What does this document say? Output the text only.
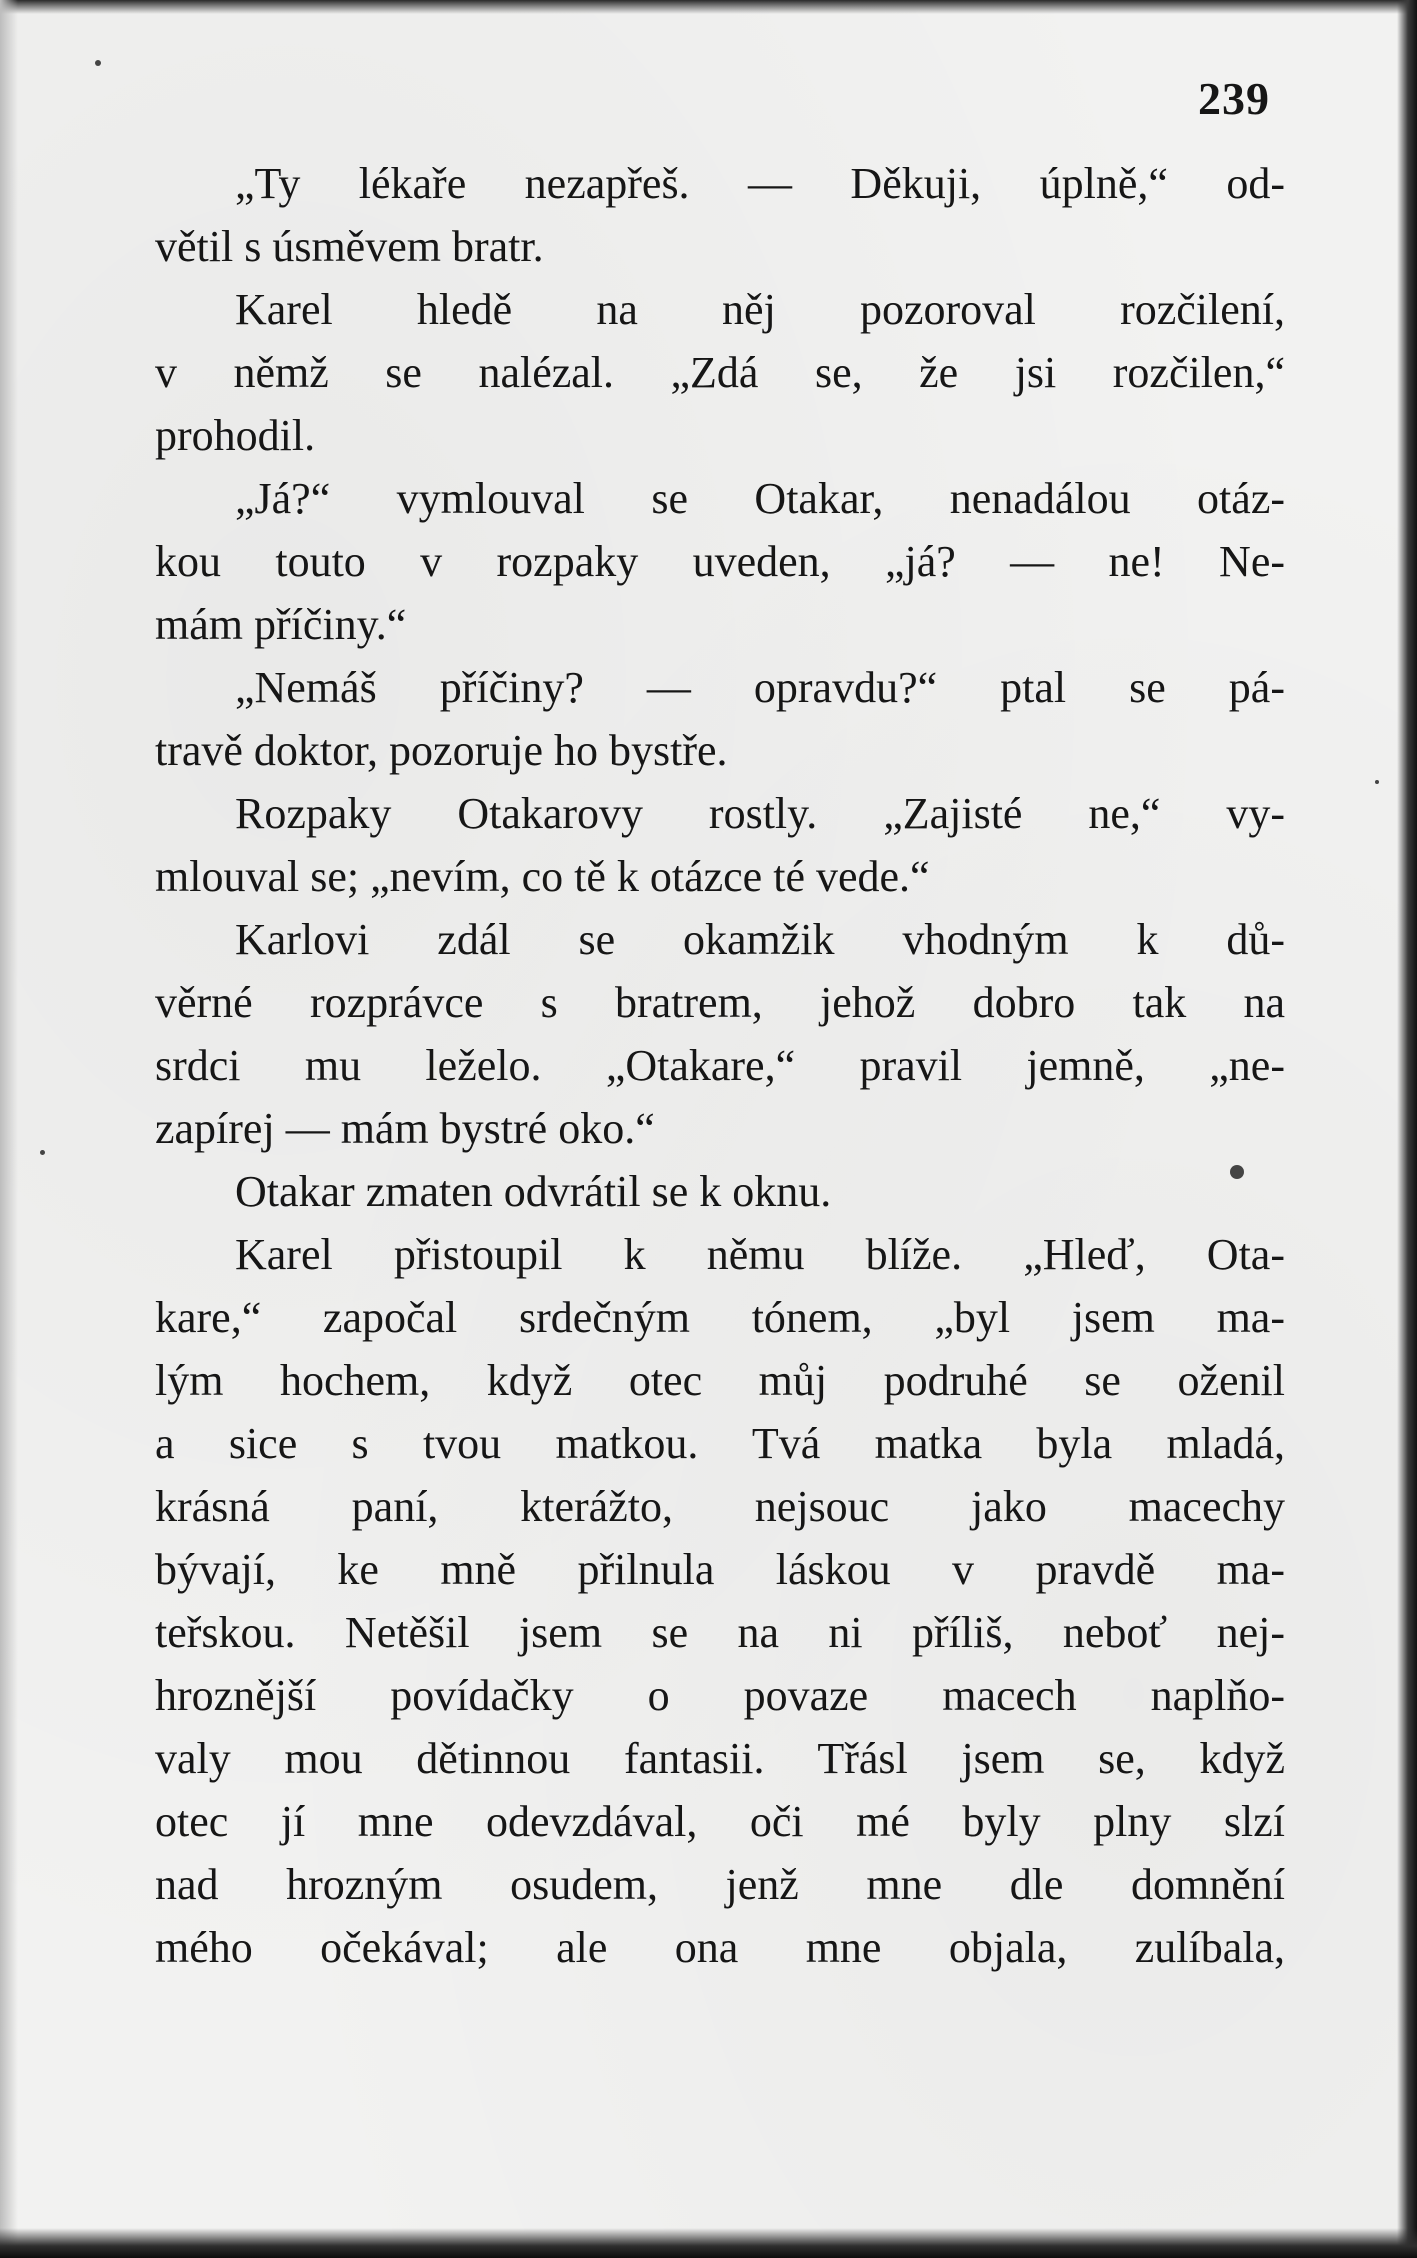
239
„Ty lékaře nezapřeš. — Děkuji, úplně,“ od-
větil s úsměvem bratr.
Karel hledě na něj pozoroval rozčilení,
v němž se nalézal. „Zdá se, že jsi rozčilen,“
prohodil.
„Já?“ vymlouval se Otakar, nenadálou otáz-
kou touto v rozpaky uveden, „já? — ne! Ne-
mám příčiny.“
„Nemáš příčiny? — opravdu?“ ptal se pá-
travě doktor, pozoruje ho bystře.
Rozpaky Otakarovy rostly. „Zajisté ne,“ vy-
mlouval se; „nevím, co tě k otázce té vede.“
Karlovi zdál se okamžik vhodným k dů-
věrné rozprávce s bratrem, jehož dobro tak na
srdci mu leželo. „Otakare,“ pravil jemně, „ne-
zapírej — mám bystré oko.“
Otakar zmaten odvrátil se k oknu.
Karel přistoupil k němu blíže. „Hleď, Ota-
kare,“ započal srdečným tónem, „byl jsem ma-
lým hochem, když otec můj podruhé se oženil
a sice s tvou matkou. Tvá matka byla mladá,
krásná paní, kterážto, nejsouc jako macechy
bývají, ke mně přilnula láskou v pravdě ma-
teřskou. Netěšil jsem se na ni příliš, neboť nej-
hroznější povídačky o povaze macech naplňo-
valy mou dětinnou fantasii. Třásl jsem se, když
otec jí mne odevzdával, oči mé byly plny slzí
nad hrozným osudem, jenž mne dle domnění
mého očekával; ale ona mne objala, zulíbala,
